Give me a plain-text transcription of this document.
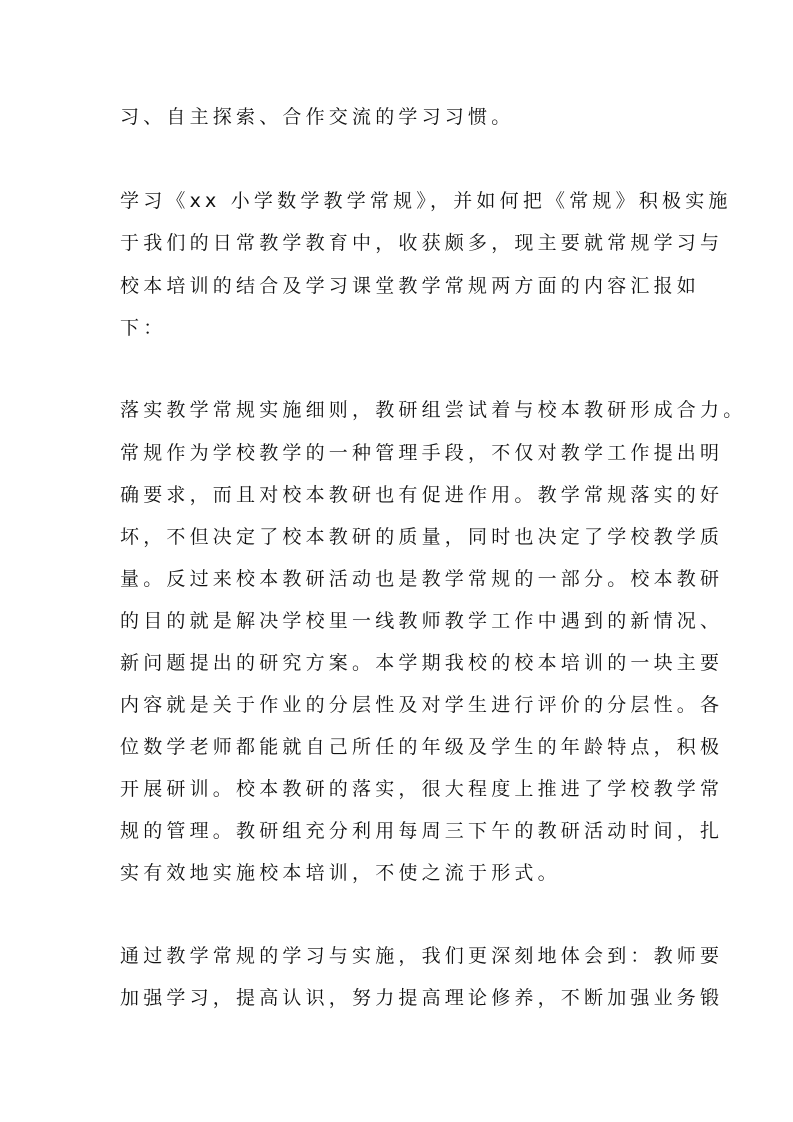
习、自主探索、合作交流的学习习惯。
学习《xx 小学数学教学常规》，并如何把《常规》积极实施
于我们的日常教学教育中，收获颇多，现主要就常规学习与
校本培训的结合及学习课堂教学常规两方面的内容汇报如
下：
落实教学常规实施细则，教研组尝试着与校本教研形成合力。
常规作为学校教学的一种管理手段，不仅对教学工作提出明
确要求，而且对校本教研也有促进作用。教学常规落实的好
坏，不但决定了校本教研的质量，同时也决定了学校教学质
量。反过来校本教研活动也是教学常规的一部分。校本教研
的目的就是解决学校里一线教师教学工作中遇到的新情况、
新问题提出的研究方案。本学期我校的校本培训的一块主要
内容就是关于作业的分层性及对学生进行评价的分层性。各
位数学老师都能就自己所任的年级及学生的年龄特点，积极
开展研训。校本教研的落实，很大程度上推进了学校教学常
规的管理。教研组充分利用每周三下午的教研活动时间，扎
实有效地实施校本培训，不使之流于形式。
通过教学常规的学习与实施，我们更深刻地体会到：教师要
加强学习，提高认识，努力提高理论修养，不断加强业务锻
